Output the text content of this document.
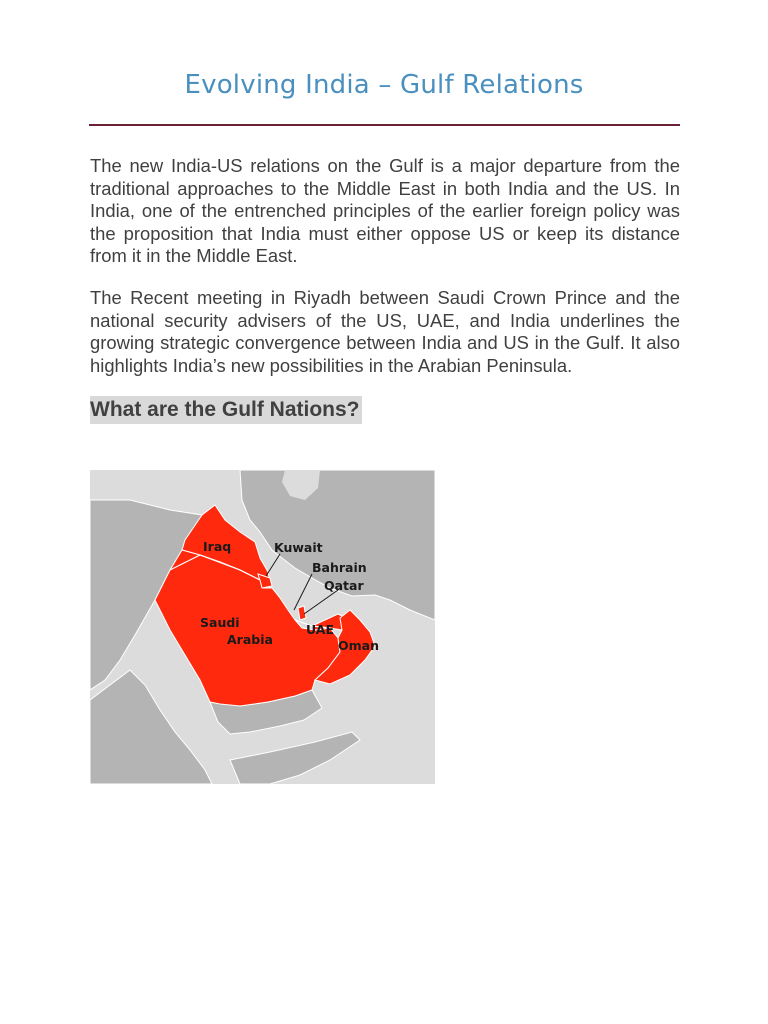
Evolving India – Gulf Relations

The new India-US relations on the Gulf is a major departure from the traditional approaches to the Middle East in both India and the US. In India, one of the entrenched principles of the earlier foreign policy was the proposition that India must either oppose US or keep its distance from it in the Middle East.

The Recent meeting in Riyadh between Saudi Crown Prince and the national security advisers of the US, UAE, and India underlines the growing strategic convergence between India and US in the Gulf. It also highlights India’s new possibilities in the Arabian Peninsula.

What are the Gulf Nations?
Iraq	Kuwait
Bahrain
Qatar
Saudi
Arabia
UAE
Oman
